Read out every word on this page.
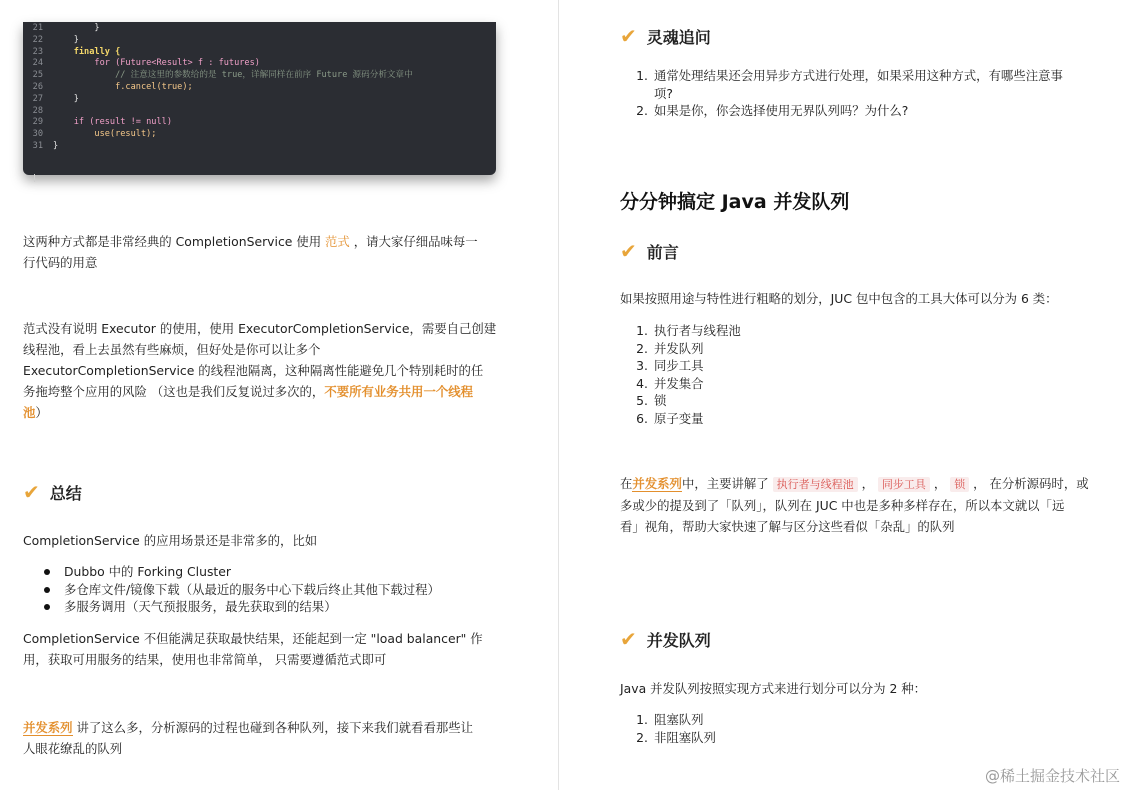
21	}
22	}
23	finally {
24	for (Future<Result> f : futures)
25	// 注意这里的参数给的是 true，详解同样在前序 Future 源码分析文章中
26	f.cancel(true);
27	}
28
29	if (result != null)
30	use(result);
31	}
这两种方式都是非常经典的 CompletionService 使用 范式 ，请大家仔细品味每一
行代码的用意
范式没有说明 Executor 的使用，使用 ExecutorCompletionService，需要自己创建
线程池，看上去虽然有些麻烦，但好处是你可以让多个
ExecutorCompletionService 的线程池隔离，这种隔离性能避免几个特别耗时的任
务拖垮整个应用的风险 （这也是我们反复说过多次的，不要所有业务共用一个线程
池）
✔ 总结
CompletionService 的应用场景还是非常多的，比如
Dubbo 中的 Forking Cluster
多仓库文件/镜像下载（从最近的服务中心下载后终止其他下载过程）
多服务调用（天气预报服务，最先获取到的结果）
CompletionService 不但能满足获取最快结果，还能起到一定 "load balancer" 作
用，获取可用服务的结果，使用也非常简单， 只需要遵循范式即可
并发系列 讲了这么多，分析源码的过程也碰到各种队列，接下来我们就看看那些让
人眼花缭乱的队列
✔ 灵魂追问
1. 通常处理结果还会用异步方式进行处理，如果采用这种方式，有哪些注意事
项?
2. 如果是你，你会选择使用无界队列吗？为什么?
分分钟搞定 Java 并发队列
✔ 前言
如果按照用途与特性进行粗略的划分，JUC 包中包含的工具大体可以分为 6 类：
1. 执行者与线程池
2. 并发队列
3. 同步工具
4. 并发集合
5. 锁
6. 原子变量
在并发系列中，主要讲解了 执行者与线程池 ， 同步工具 ， 锁 ， 在分析源码时，或
多或少的提及到了「队列」，队列在 JUC 中也是多种多样存在，所以本文就以「远
看」视角，帮助大家快速了解与区分这些看似「杂乱」的队列
✔ 并发队列
Java 并发队列按照实现方式来进行划分可以分为 2 种：
1. 阻塞队列
2. 非阻塞队列
@稀土掘金技术社区
